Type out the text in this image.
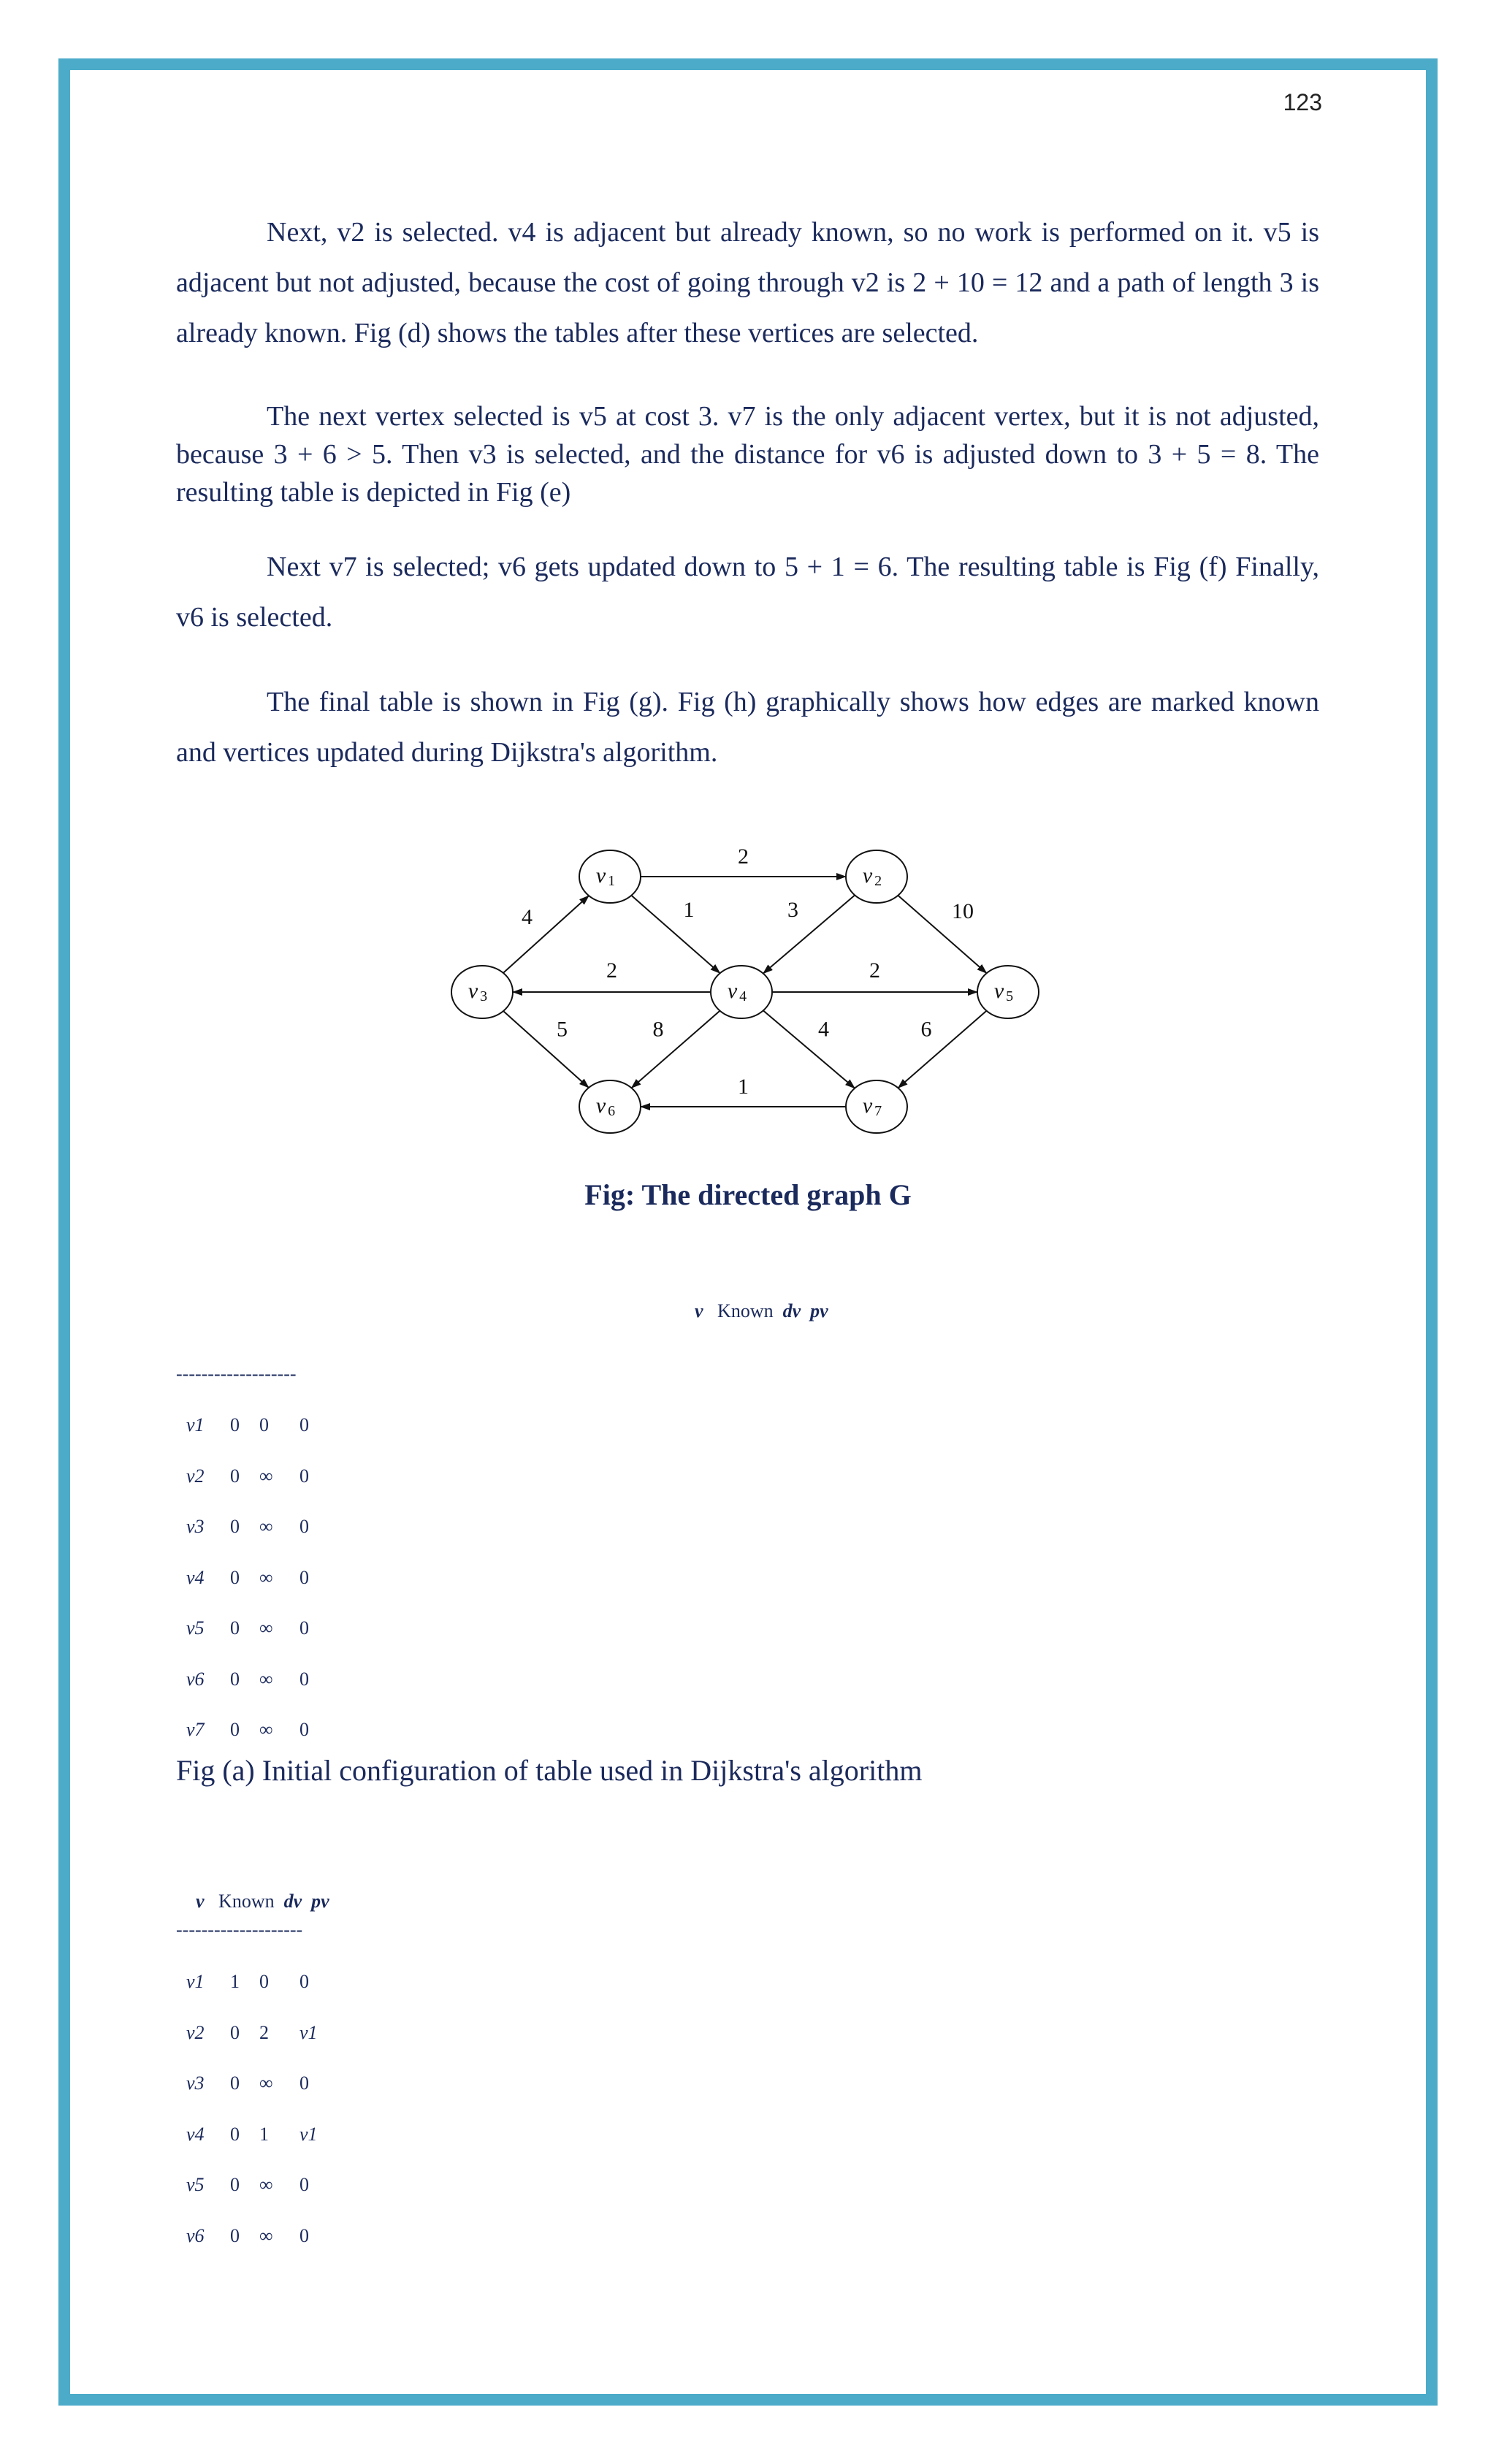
123

Next, v2 is selected. v4 is adjacent but already known, so no work is performed on it. v5 is adjacent but not adjusted, because the cost of going through v2 is 2 + 10 = 12 and a path of length 3 is already known. Fig (d) shows the tables after these vertices are selected.

The next vertex selected is v5 at cost 3. v7 is the only adjacent vertex, but it is not adjusted, because 3 + 6 > 5. Then v3 is selected, and the distance for v6 is adjusted down to 3 + 5 = 8. The resulting table is depicted in Fig (e)

Next v7 is selected; v6 gets updated down to 5 + 1 = 6. The resulting table is Fig (f) Finally, v6 is selected.

The final table is shown in Fig (g). Fig (h) graphically shows how edges are marked known and vertices updated during Dijkstra's algorithm.

2
4	1	3	10
2	2
5	8	4	6
1
v 1	v 2
v 3	v 4	v 5
v 6	v 7
Fig: The directed graph G

v Known dv pv

-------------------
v1 0 0 0
v2 0 ∞ 0
v3 0 ∞ 0
v4 0 ∞ 0
v5 0 ∞ 0
v6 0 ∞ 0
v7 0 ∞ 0
Fig (a) Initial configuration of table used in Dijkstra's algorithm

v Known dv pv

--------------------
v1 1 0 0
v2 0 2 v1
v3 0 ∞ 0
v4 0 1 v1
v5 0 ∞ 0
v6 0 ∞ 0
